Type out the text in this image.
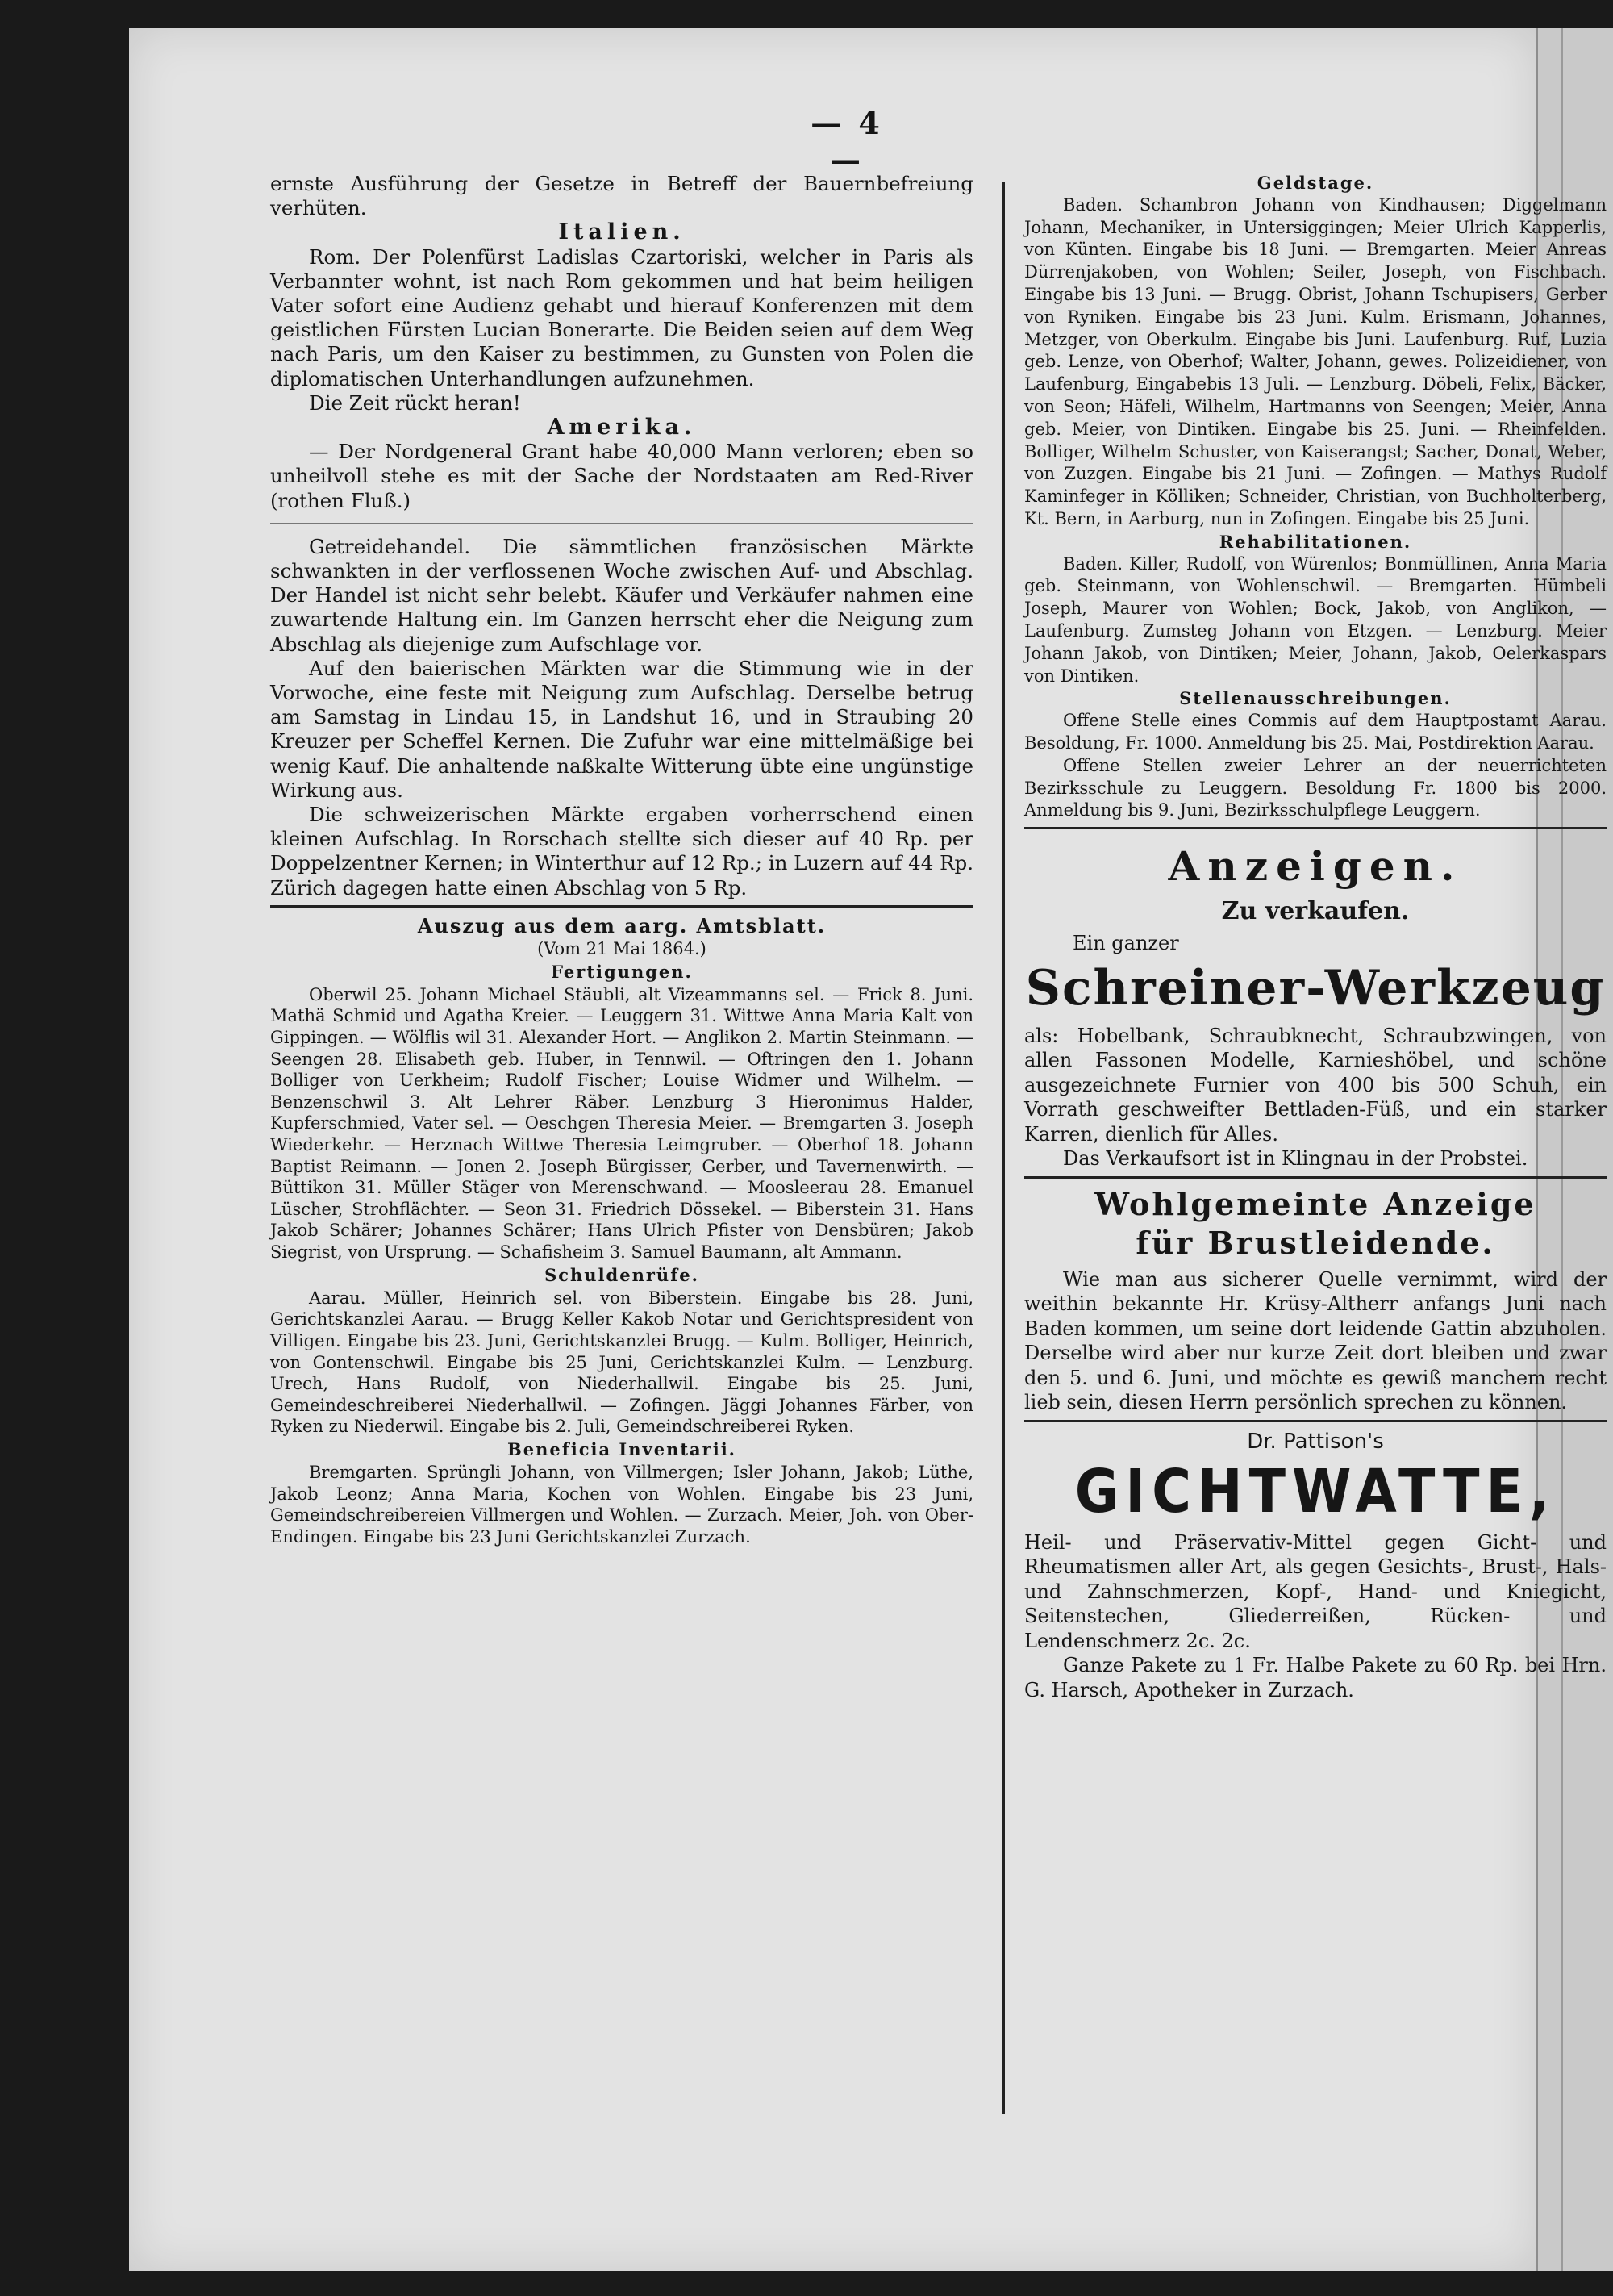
— 4 —

ernste Ausführung der Gesetze in Betreff der Bauernbefreiung verhüten.

Italien.

Rom. Der Polenfürst Ladislas Czartoriski, welcher in Paris als Verbannter wohnt, ist nach Rom gekommen und hat beim heiligen Vater sofort eine Audienz gehabt und hierauf Konferenzen mit dem geistlichen Fürsten Lucian Bonerarte. Die Beiden seien auf dem Weg nach Paris, um den Kaiser zu bestimmen, zu Gunsten von Polen die diplomatischen Unterhandlungen aufzunehmen.

Die Zeit rückt heran!

Amerika.

— Der Nordgeneral Grant habe 40,000 Mann verloren; eben so unheilvoll stehe es mit der Sache der Nordstaaten am Red-River (rothen Fluß.)

Getreidehandel. Die sämmtlichen französischen Märkte schwankten in der verflossenen Woche zwischen Auf- und Abschlag. Der Handel ist nicht sehr belebt. Käufer und Verkäufer nahmen eine zuwartende Haltung ein. Im Ganzen herrscht eher die Neigung zum Abschlag als diejenige zum Aufschlage vor.

Auf den baierischen Märkten war die Stimmung wie in der Vorwoche, eine feste mit Neigung zum Aufschlag. Derselbe betrug am Samstag in Lindau 15, in Landshut 16, und in Straubing 20 Kreuzer per Scheffel Kernen. Die Zufuhr war eine mittelmäßige bei wenig Kauf. Die anhaltende naßkalte Witterung übte eine ungünstige Wirkung aus.

Die schweizerischen Märkte ergaben vorherrschend einen kleinen Aufschlag. In Rorschach stellte sich dieser auf 40 Rp. per Doppelzentner Kernen; in Winterthur auf 12 Rp.; in Luzern auf 44 Rp. Zürich dagegen hatte einen Abschlag von 5 Rp.

Auszug aus dem aarg. Amtsblatt.

(Vom 21 Mai 1864.)

Fertigungen.

Oberwil 25. Johann Michael Stäubli, alt Vizeammanns sel. — Frick 8. Juni. Mathä Schmid und Agatha Kreier. — Leuggern 31. Wittwe Anna Maria Kalt von Gippingen. — Wölflis wil 31. Alexander Hort. — Anglikon 2. Martin Steinmann. — Seengen 28. Elisabeth geb. Huber, in Tennwil. — Oftringen den 1. Johann Bolliger von Uerkheim; Rudolf Fischer; Louise Widmer und Wilhelm. — Benzenschwil 3. Alt Lehrer Räber. Lenzburg 3 Hieronimus Halder, Kupferschmied, Vater sel. — Oeschgen Theresia Meier. — Bremgarten 3. Joseph Wiederkehr. — Herznach Wittwe Theresia Leimgruber. — Oberhof 18. Johann Baptist Reimann. — Jonen 2. Joseph Bürgisser, Gerber, und Tavernenwirth. — Büttikon 31. Müller Stäger von Merenschwand. — Moosleerau 28. Emanuel Lüscher, Strohflächter. — Seon 31. Friedrich Dössekel. — Biberstein 31. Hans Jakob Schärer; Johannes Schärer; Hans Ulrich Pfister von Densbüren; Jakob Siegrist, von Ursprung. — Schafisheim 3. Samuel Baumann, alt Ammann.

Schuldenrüfe.

Aarau. Müller, Heinrich sel. von Biberstein. Eingabe bis 28. Juni, Gerichtskanzlei Aarau. — Brugg Keller Kakob Notar und Gerichtspresident von Villigen. Eingabe bis 23. Juni, Gerichtskanzlei Brugg. — Kulm. Bolliger, Heinrich, von Gontenschwil. Eingabe bis 25 Juni, Gerichtskanzlei Kulm. — Lenzburg. Urech, Hans Rudolf, von Niederhallwil. Eingabe bis 25. Juni, Gemeindeschreiberei Niederhallwil. — Zofingen. Jäggi Johannes Färber, von Ryken zu Niederwil. Eingabe bis 2. Juli, Gemeindschreiberei Ryken.

Beneficia Inventarii.

Bremgarten. Sprüngli Johann, von Villmergen; Isler Johann, Jakob; Lüthe, Jakob Leonz; Anna Maria, Kochen von Wohlen. Eingabe bis 23 Juni, Gemeindschreibereien Villmergen und Wohlen. — Zurzach. Meier, Joh. von Ober-Endingen. Eingabe bis 23 Juni Gerichtskanzlei Zurzach.

Geldstage.

Baden. Schambron Johann von Kindhausen; Diggelmann Johann, Mechaniker, in Untersiggingen; Meier Ulrich Kapperlis, von Künten. Eingabe bis 18 Juni. — Bremgarten. Meier Anreas Dürrenjakoben, von Wohlen; Seiler, Joseph, von Fischbach. Eingabe bis 13 Juni. — Brugg. Obrist, Johann Tschupisers, Gerber von Ryniken. Eingabe bis 23 Juni. Kulm. Erismann, Johannes, Metzger, von Oberkulm. Eingabe bis Juni. Laufenburg. Ruf, Luzia geb. Lenze, von Oberhof; Walter, Johann, gewes. Polizeidiener, von Laufenburg, Eingabebis 13 Juli. — Lenzburg. Döbeli, Felix, Bäcker, von Seon; Häfeli, Wilhelm, Hartmanns von Seengen; Meier, Anna geb. Meier, von Dintiken. Eingabe bis 25. Juni. — Rheinfelden. Bolliger, Wilhelm Schuster, von Kaiserangst; Sacher, Donat, Weber, von Zuzgen. Eingabe bis 21 Juni. — Zofingen. — Mathys Rudolf Kaminfeger in Kölliken; Schneider, Christian, von Buchholterberg, Kt. Bern, in Aarburg, nun in Zofingen. Eingabe bis 25 Juni.

Rehabilitationen.

Baden. Killer, Rudolf, von Würenlos; Bonmüllinen, Anna Maria geb. Steinmann, von Wohlenschwil. — Bremgarten. Hümbeli Joseph, Maurer von Wohlen; Bock, Jakob, von Anglikon, — Laufenburg. Zumsteg Johann von Etzgen. — Lenzburg. Meier Johann Jakob, von Dintiken; Meier, Johann, Jakob, Oelerkaspars von Dintiken.

Stellenausschreibungen.

Offene Stelle eines Commis auf dem Hauptpostamt Aarau. Besoldung, Fr. 1000. Anmeldung bis 25. Mai, Postdirektion Aarau.

Offene Stellen zweier Lehrer an der neuerrichteten Bezirksschule zu Leuggern. Besoldung Fr. 1800 bis 2000. Anmeldung bis 9. Juni, Bezirksschulpflege Leuggern.

Anzeigen.

Zu verkaufen.

Ein ganzer

Schreiner-Werkzeug

als: Hobelbank, Schraubknecht, Schraubzwingen, von allen Fassonen Modelle, Karnieshöbel, und schöne ausgezeichnete Furnier von 400 bis 500 Schuh, ein Vorrath geschweifter Bettladen-Füß, und ein starker Karren, dienlich für Alles.

Das Verkaufsort ist in Klingnau in der Probstei.

Wohlgemeinte Anzeige

für Brustleidende.

Wie man aus sicherer Quelle vernimmt, wird der weithin bekannte Hr. Krüsy-Altherr anfangs Juni nach Baden kommen, um seine dort leidende Gattin abzuholen. Derselbe wird aber nur kurze Zeit dort bleiben und zwar den 5. und 6. Juni, und möchte es gewiß manchem recht lieb sein, diesen Herrn persönlich sprechen zu können.

Dr. Pattison's

GICHTWATTE,

Heil- und Präservativ-Mittel gegen Gicht- und Rheumatismen aller Art, als gegen Gesichts-, Brust-, Hals- und Zahnschmerzen, Kopf-, Hand- und Kniegicht, Seitenstechen, Gliederreißen, Rücken- und Lendenschmerz 2c. 2c.

Ganze Pakete zu 1 Fr. Halbe Pakete zu 60 Rp. bei Hrn. G. Harsch, Apotheker in Zurzach.
